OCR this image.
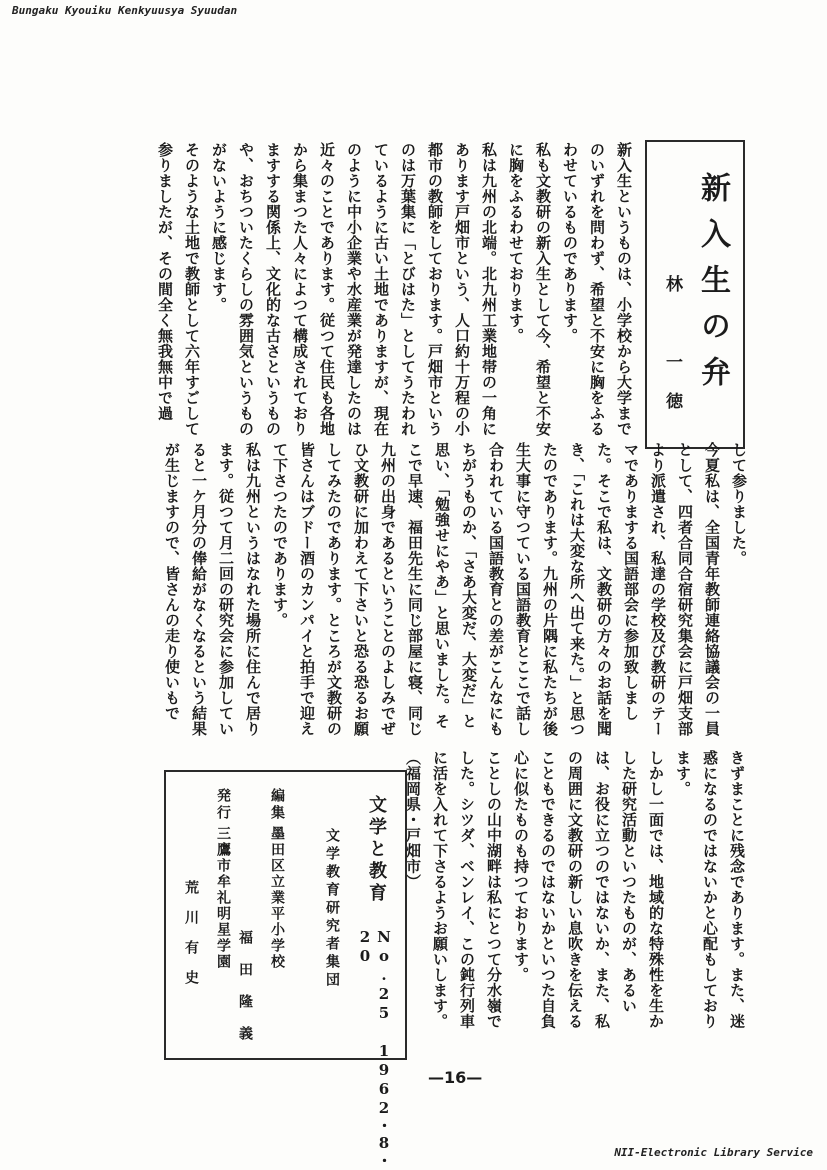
Bungaku Kyouiku Kenkyuusya Syuudan
新入生の弁
林　一徳
新入生というものは、小学校から大学までのいずれを問わず、希望と不安に胸をふるわせているものであります。
私も文教研の新入生として今、希望と不安に胸をふるわせております。
私は九州の北端。北九州工業地帯の一角にあります戸畑市という、人口約十万程の小都市の教師をしております。戸畑市というのは万葉集に「とびはた」としてうたわれているように古い土地でありますが、現在のように中小企業や水産業が発達したのは近々のことであります。従つて住民も各地から集まつた人々によつて構成されておりますする関係上、文化的な古さというものや、おちついたくらしの雰囲気というものがないように感じます。
そのような土地で教師として六年すごして参りましたが、その間全く無我無中で過
して参りました。
今夏私は、全国青年教師連絡協議会の一員として、四者合同合宿研究集会に戸畑支部より派遣され、私達の学校及び教研のテーマでありまする国語部会に参加致しました。そこで私は、文教研の方々のお話を聞き、「これは大変な所へ出て来た。」と思つたのであります。九州の片隅に私たちが後生大事に守つている国語教育とここで話し合われている国語教育との差がこんなにもちがうものか、「さあ大変だ、大変だ」と思い、「勉強せにやあ」と思いました。そこで早速、福田先生に同じ部屋に寝、同じ九州の出身であるということのよしみでぜひ文教研に加わえて下さいと恐る恐るお願してみたのであります。ところが文教研の皆さんはブドー酒のカンパイと拍手で迎えて下さつたのであります。
私は九州というはなれた場所に住んで居ります。従つて月二回の研究会に参加していると一ケ月分の俸給がなくなるという結果が生じますので、皆さんの走り使いもで
きずまことに残念であります。また、迷惑になるのではないかと心配もしております。
しかし一面では、地域的な特殊性を生かした研究活動といつたものが、あるいは、お役に立つのではないか、また、私の周囲に文教研の新しい息吹きを伝えることもできるのではないかといつた自負心に似たものも持つております。
ことしの山中湖畔は私にとつて分水嶺でした。シツダ、ベンレイ、この鈍行列車に活を入れて下さるようお願いします。
（福岡県・戸畑市）
文学と教育
No.25 1962・8・20
文学教育研究者集団
編集
墨田区立業平小学校
福田隆義
発行
三鷹市牟礼明星学園
荒川有史
—16—
NII-Electronic Library Service
